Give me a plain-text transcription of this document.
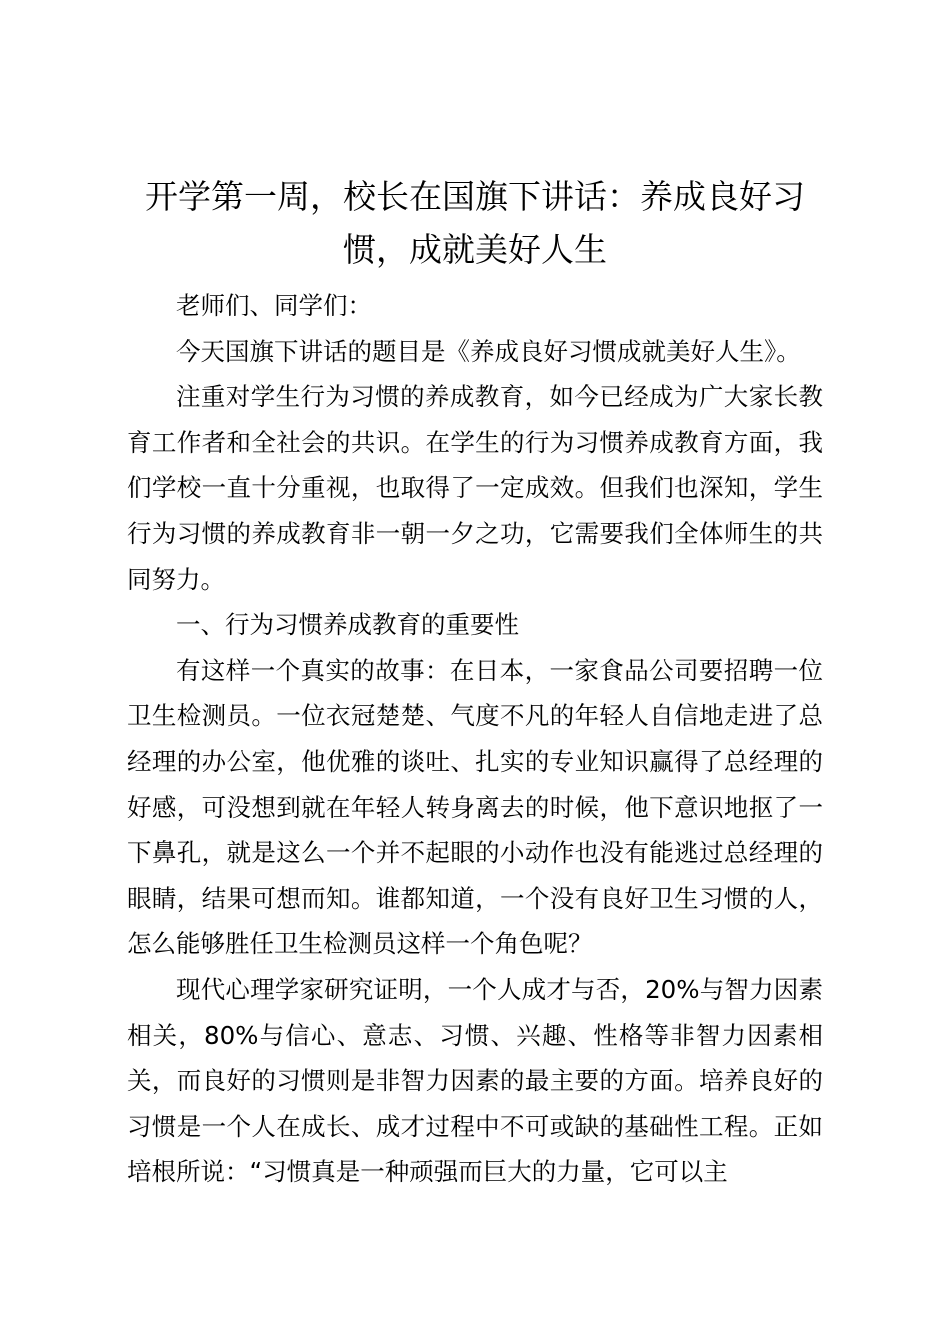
开学第一周，校长在国旗下讲话：养成良好习惯，成就美好人生

老师们、同学们：

今天国旗下讲话的题目是《养成良好习惯成就美好人生》。

注重对学生行为习惯的养成教育，如今已经成为广大家长教育工作者和全社会的共识。在学生的行为习惯养成教育方面，我们学校一直十分重视，也取得了一定成效。但我们也深知，学生行为习惯的养成教育非一朝一夕之功，它需要我们全体师生的共同努力。

一、行为习惯养成教育的重要性

有这样一个真实的故事：在日本，一家食品公司要招聘一位卫生检测员。一位衣冠楚楚、气度不凡的年轻人自信地走进了总经理的办公室，他优雅的谈吐、扎实的专业知识赢得了总经理的好感，可没想到就在年轻人转身离去的时候，他下意识地抠了一下鼻孔，就是这么一个并不起眼的小动作也没有能逃过总经理的眼睛，结果可想而知。谁都知道，一个没有良好卫生习惯的人，怎么能够胜任卫生检测员这样一个角色呢？

现代心理学家研究证明，一个人成才与否，20%与智力因素相关，80%与信心、意志、习惯、兴趣、性格等非智力因素相关，而良好的习惯则是非智力因素的最主要的方面。培养良好的习惯是一个人在成长、成才过程中不可或缺的基础性工程。正如培根所说：“习惯真是一种顽强而巨大的力量，它可以主
